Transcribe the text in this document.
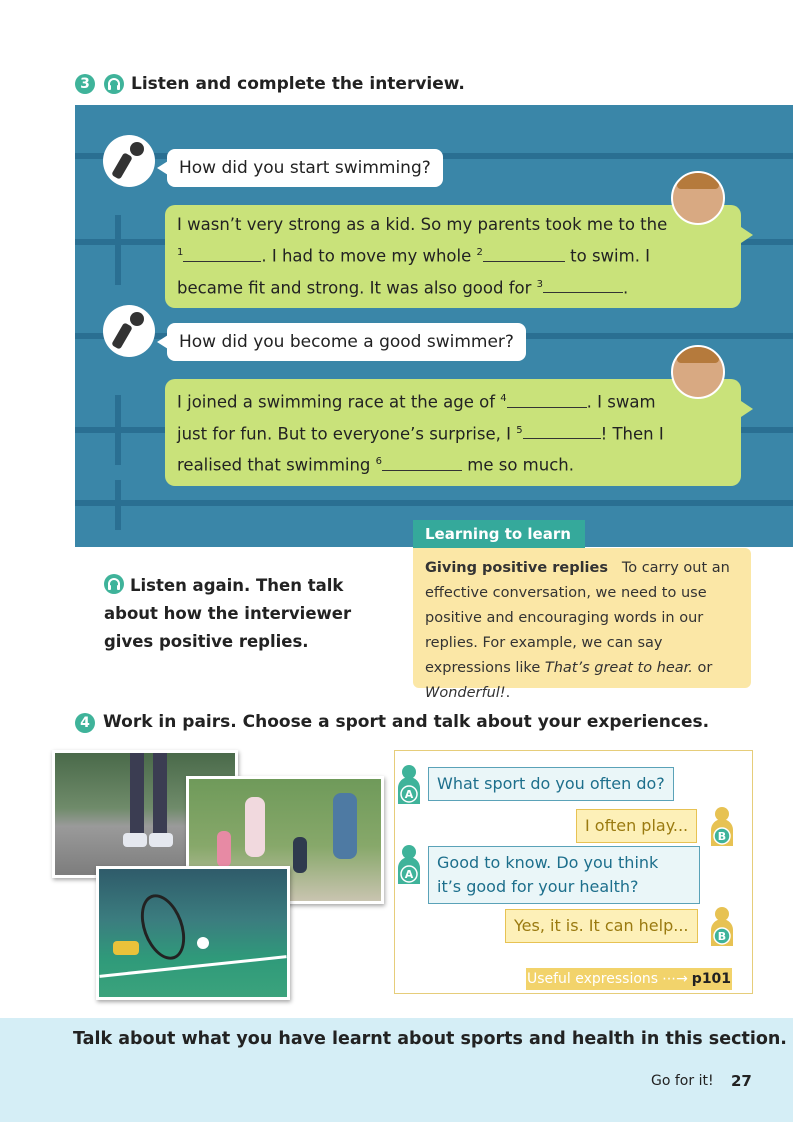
3	Listen and complete the interview.
How did you start swimming?
I wasn’t very strong as a kid. So my parents took me to the
$^1$	. I had to move my whole $^2$	to swim. I
became fit and strong. It was also good for $^3$	.
How did you become a good swimmer?
I joined a swimming race at the age of $^4$	. I swam
just for fun. But to everyone’s surprise, I $^5$	! Then I
realised that swimming $^6$	me so much.
Listen again. Then talk about how the interviewer gives positive replies.
Learning to learn
Giving positive replies To carry out an effective conversation, we need to use positive and encouraging words in our replies. For example, we can say expressions like That’s great to hear. or Wonderful!.
4 Work in pairs. Choose a sport and talk about your experiences.
A
What sport do you often do?
I often play...
B
A
Good to know. Do you think
it’s good for your health?
Yes, it is. It can help...
B
Useful expressions ⋯→ p101
Talk about what you have learnt about sports and health in this section.
Go for it! 27
